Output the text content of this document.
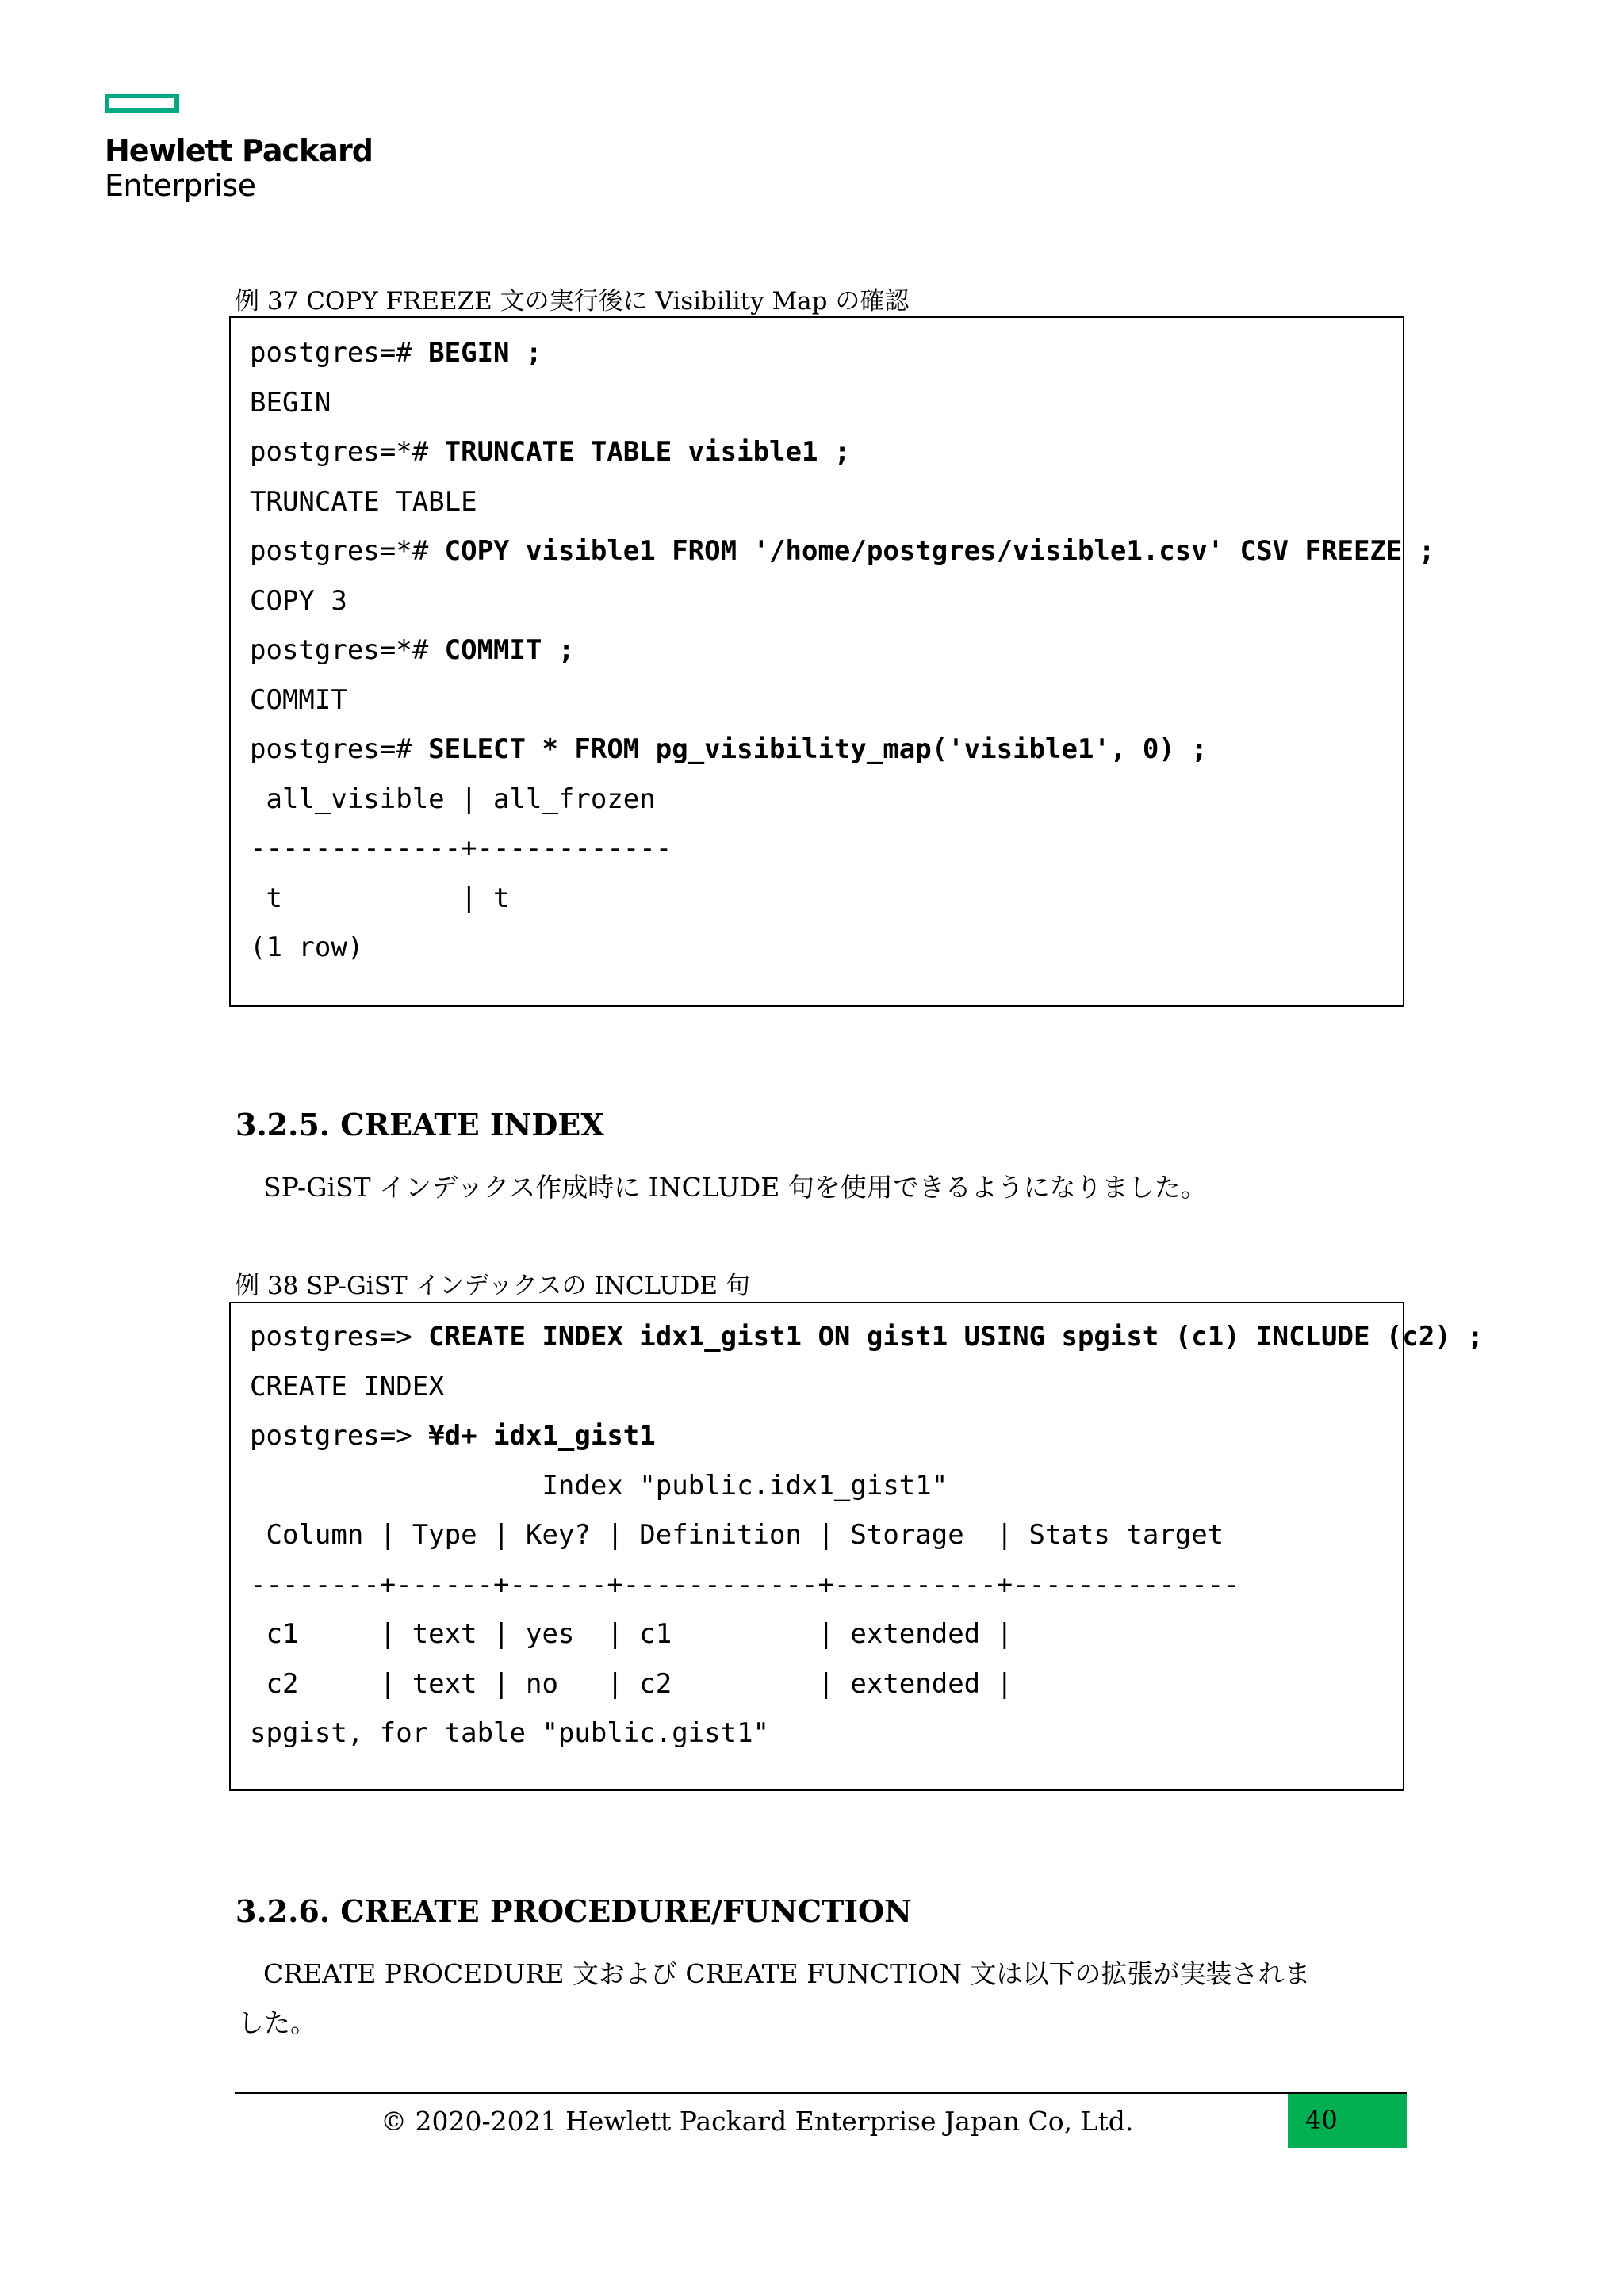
Hewlett Packard
Enterprise
例 37 COPY FREEZE 文の実行後に Visibility Map の確認
postgres=# BEGIN ;
BEGIN
postgres=*# TRUNCATE TABLE visible1 ;
TRUNCATE TABLE
postgres=*# COPY visible1 FROM '/home/postgres/visible1.csv' CSV FREEZE ;
COPY 3
postgres=*# COMMIT ;
COMMIT
postgres=# SELECT * FROM pg_visibility_map('visible1', 0) ;
all_visible | all_frozen
-------------+------------
t           | t
(1 row)
3.2.5. CREATE INDEX
SP-GiST インデックス作成時に INCLUDE 句を使用できるようになりました。
例 38 SP-GiST インデックスの INCLUDE 句
postgres=> CREATE INDEX idx1_gist1 ON gist1 USING spgist (c1) INCLUDE (c2) ;
CREATE INDEX
postgres=> ¥d+ idx1_gist1
Index "public.idx1_gist1"
Column | Type | Key? | Definition | Storage  | Stats target
--------+------+------+------------+----------+--------------
c1     | text | yes  | c1         | extended |
c2     | text | no   | c2         | extended |
spgist, for table "public.gist1"
3.2.6. CREATE PROCEDURE/FUNCTION
CREATE PROCEDURE 文および CREATE FUNCTION 文は以下の拡張が実装されま
した。
© 2020-2021 Hewlett Packard Enterprise Japan Co, Ltd.	40
